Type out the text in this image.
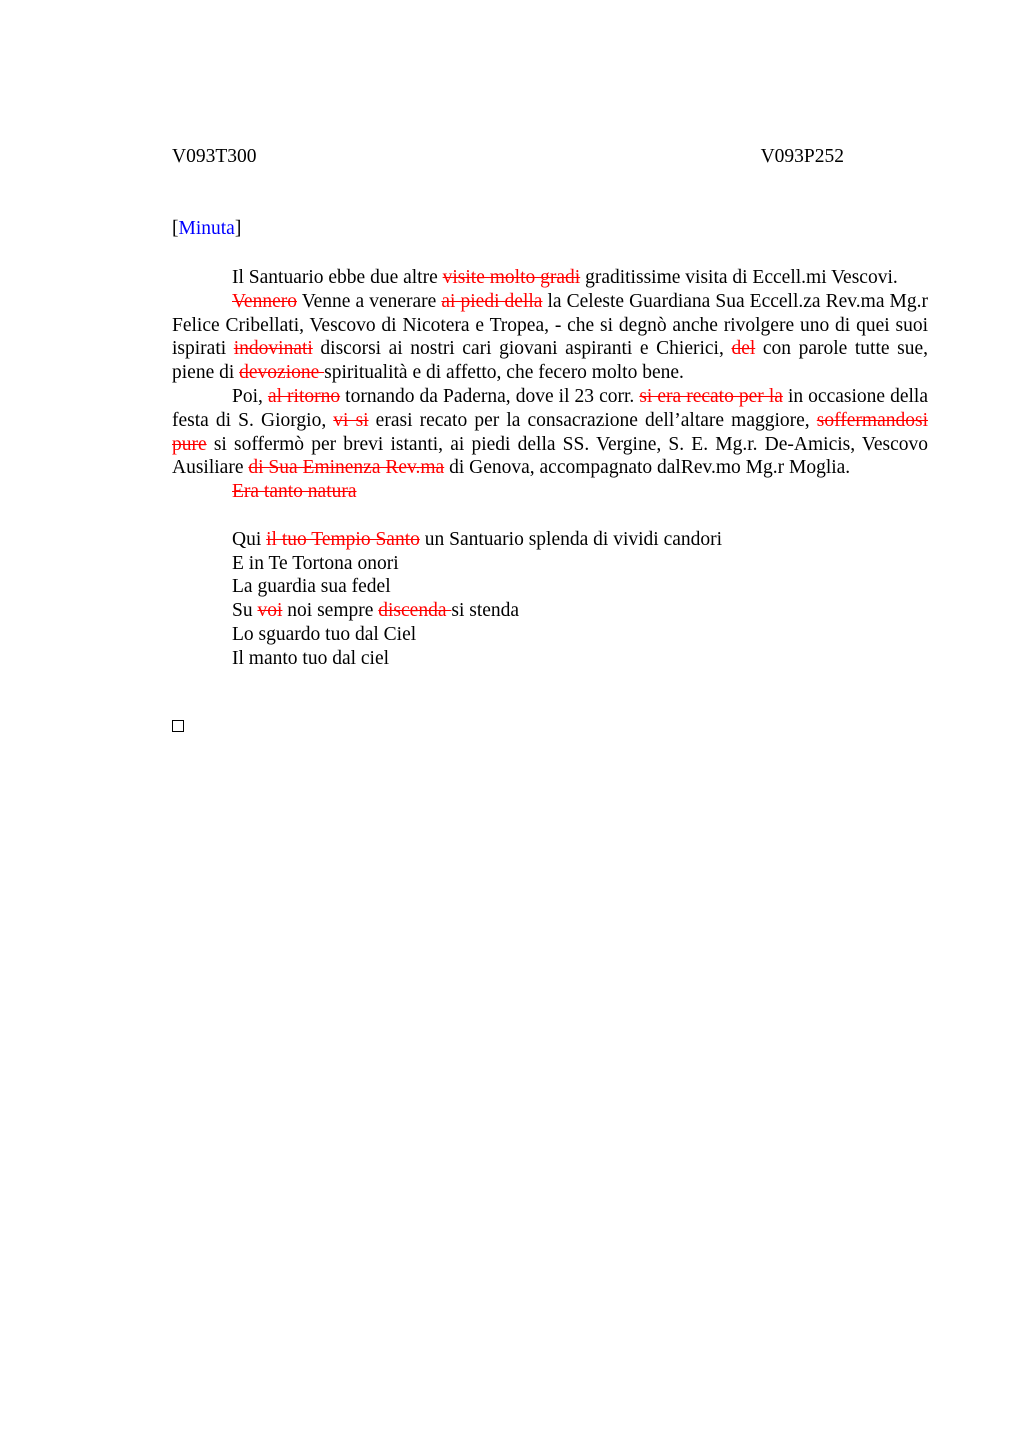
V093T300	V093P252
[Minuta]

Il Santuario ebbe due altre visite molto gradi graditissime visita di Eccell.mi Vescovi.

Vennero Venne a venerare ai piedi della la Celeste Guardiana Sua Eccell.za Rev.ma Mg.r Felice Cribellati, Vescovo di Nicotera e Tropea, - che si degnò anche rivolgere uno di quei suoi ispirati indovinati discorsi ai nostri cari giovani aspiranti e Chierici, del con parole tutte sue, piene di devozione spiritualità e di affetto, che fecero molto bene.

Poi, al ritorno tornando da Paderna, dove il 23 corr. si era recato per la in occasione della festa di S. Giorgio, vi si erasi recato per la consacrazione dell’altare maggiore, soffermandosi pure si soffermò per brevi istanti, ai piedi della SS. Vergine, S. E. Mg.r. De-Amicis, Vescovo Ausiliare di Sua Eminenza Rev.ma di Genova, accompagnato dalRev.mo Mg.r Moglia.

Era tanto natura

Qui il tuo Tempio Santo un Santuario splenda di vividi candori

E in Te Tortona onori

La guardia sua fedel

Su voi noi sempre discenda si stenda

Lo sguardo tuo dal Ciel

Il manto tuo dal ciel
